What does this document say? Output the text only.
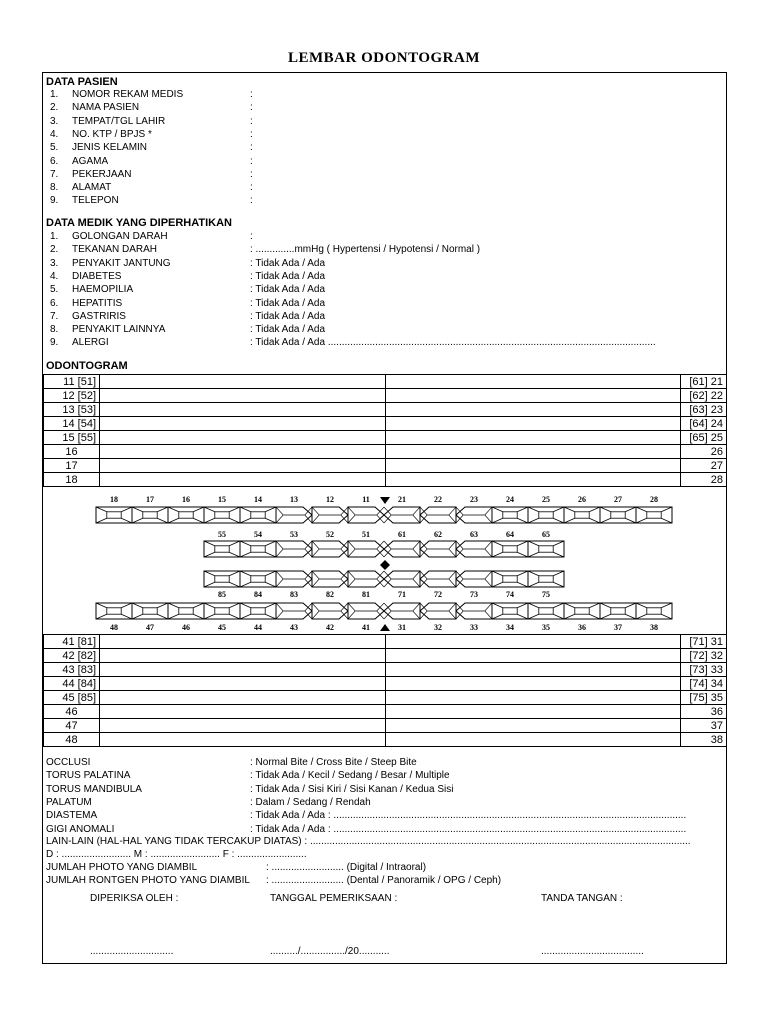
LEMBAR ODONTOGRAM
DATA PASIEN
1. NOMOR REKAM MEDIS	:
2. NAMA PASIEN	:
3. TEMPAT/TGL LAHIR	:
4. NO. KTP / BPJS *	:
5. JENIS KELAMIN	:
6. AGAMA	:
7. PEKERJAAN	:
8. ALAMAT	:
9. TELEPON	:
DATA MEDIK YANG DIPERHATIKAN
1. GOLONGAN DARAH	:
2. TEKANAN DARAH	: ..............mmHg ( Hypertensi / Hypotensi / Normal )
3. PENYAKIT JANTUNG	: Tidak Ada / Ada
4. DIABETES	: Tidak Ada / Ada
5. HAEMOPILIA	: Tidak Ada / Ada
6. HEPATITIS	: Tidak Ada / Ada
7. GASTRIRIS	: Tidak Ada / Ada
8. PENYAKIT LAINNYA	: Tidak Ada / Ada
9. ALERGI	: Tidak Ada / Ada ......................................................................................................................
ODONTOGRAM
11 [51]			[61] 21
12 [52]			[62] 22
13 [53]			[63] 23
14 [54]			[64] 24
15 [55]			[65] 25
16			26
17			27
18			28
18	17	16	15	14	13	12	11	21	22	23	24	25	26	27	28
55	54	53	52	51	61	62	63	64	65
85	84	83	82	81	71	72	73	74	75
48	47	46	45	44	43	42	41	31	32	33	34	35	36	37	38
41 [81]			[71] 31
42 [82]			[72] 32
43 [83]			[73] 33
44 [84]			[74] 34
45 [85]			[75] 35
46			36
47			37
48			38
OCCLUSI	: Normal Bite / Cross Bite / Steep Bite
TORUS PALATINA	: Tidak Ada / Kecil / Sedang / Besar / Multiple
TORUS MANDIBULA	: Tidak Ada / Sisi Kiri / Sisi Kanan / Kedua Sisi
PALATUM	: Dalam / Sedang / Rendah
DIASTEMA	: Tidak Ada / Ada : ...............................................................................................................................
GIGI ANOMALI	: Tidak Ada / Ada : ...............................................................................................................................
LAIN-LAIN (HAL-HAL YANG TIDAK TERCAKUP DIATAS) : .........................................................................................................................................
D : ......................... M : ......................... F : .........................
JUMLAH PHOTO YANG DIAMBIL	: .......................... (Digital / Intraoral)
JUMLAH RONTGEN PHOTO YANG DIAMBIL : .......................... (Dental / Panoramik / OPG / Ceph)
DIPERIKSA OLEH :	TANGGAL PEMERIKSAAN :	TANDA TANGAN :
..............................	........../................/20...........	.....................................
